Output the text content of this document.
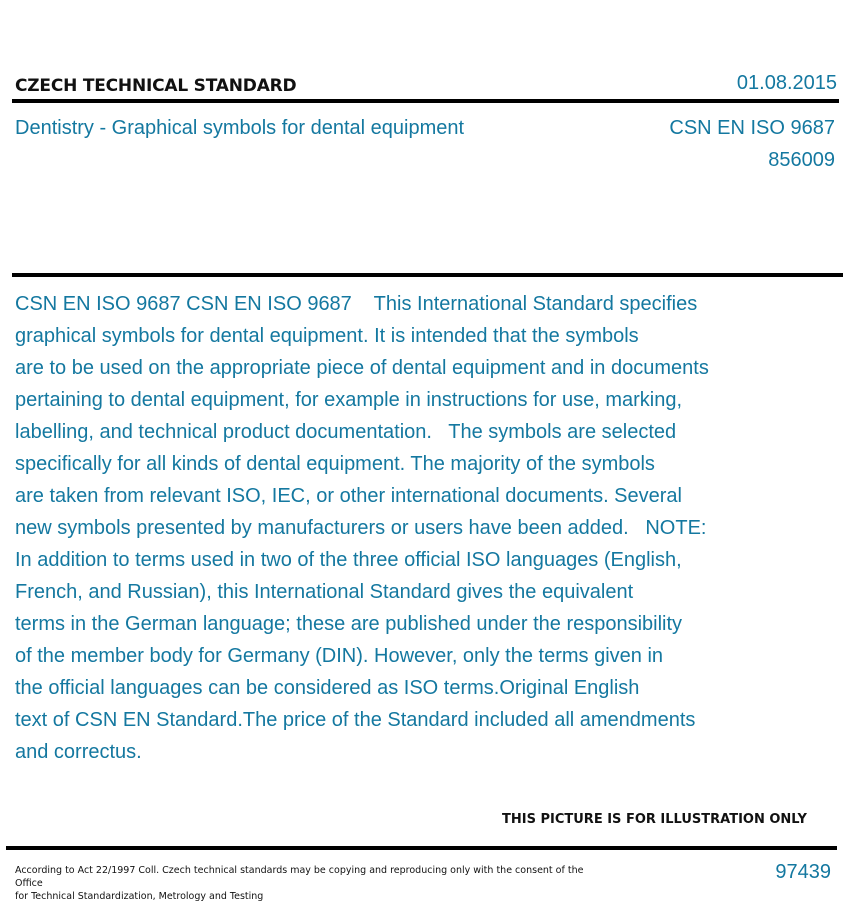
CZECH TECHNICAL STANDARD	01.08.2015
Dentistry - Graphical symbols for dental equipment	CSN EN ISO 9687
856009
CSN EN ISO 9687 CSN EN ISO 9687    This International Standard specifies
graphical symbols for dental equipment. It is intended that the symbols
are to be used on the appropriate piece of dental equipment and in documents
pertaining to dental equipment, for example in instructions for use, marking,
labelling, and technical product documentation.   The symbols are selected
specifically for all kinds of dental equipment. The majority of the symbols
are taken from relevant ISO, IEC, or other international documents. Several
new symbols presented by manufacturers or users have been added.   NOTE:
In addition to terms used in two of the three official ISO languages (English,
French, and Russian), this International Standard gives the equivalent
terms in the German language; these are published under the responsibility
of the member body for Germany (DIN). However, only the terms given in
the official languages can be considered as ISO terms.Original English
text of CSN EN Standard.The price of the Standard included all amendments
and correctus.
THIS PICTURE IS FOR ILLUSTRATION ONLY
According to Act 22/1997 Coll. Czech technical standards may be copying and reproducing only with the consent of the Office
for Technical Standardization, Metrology and Testing
97439
